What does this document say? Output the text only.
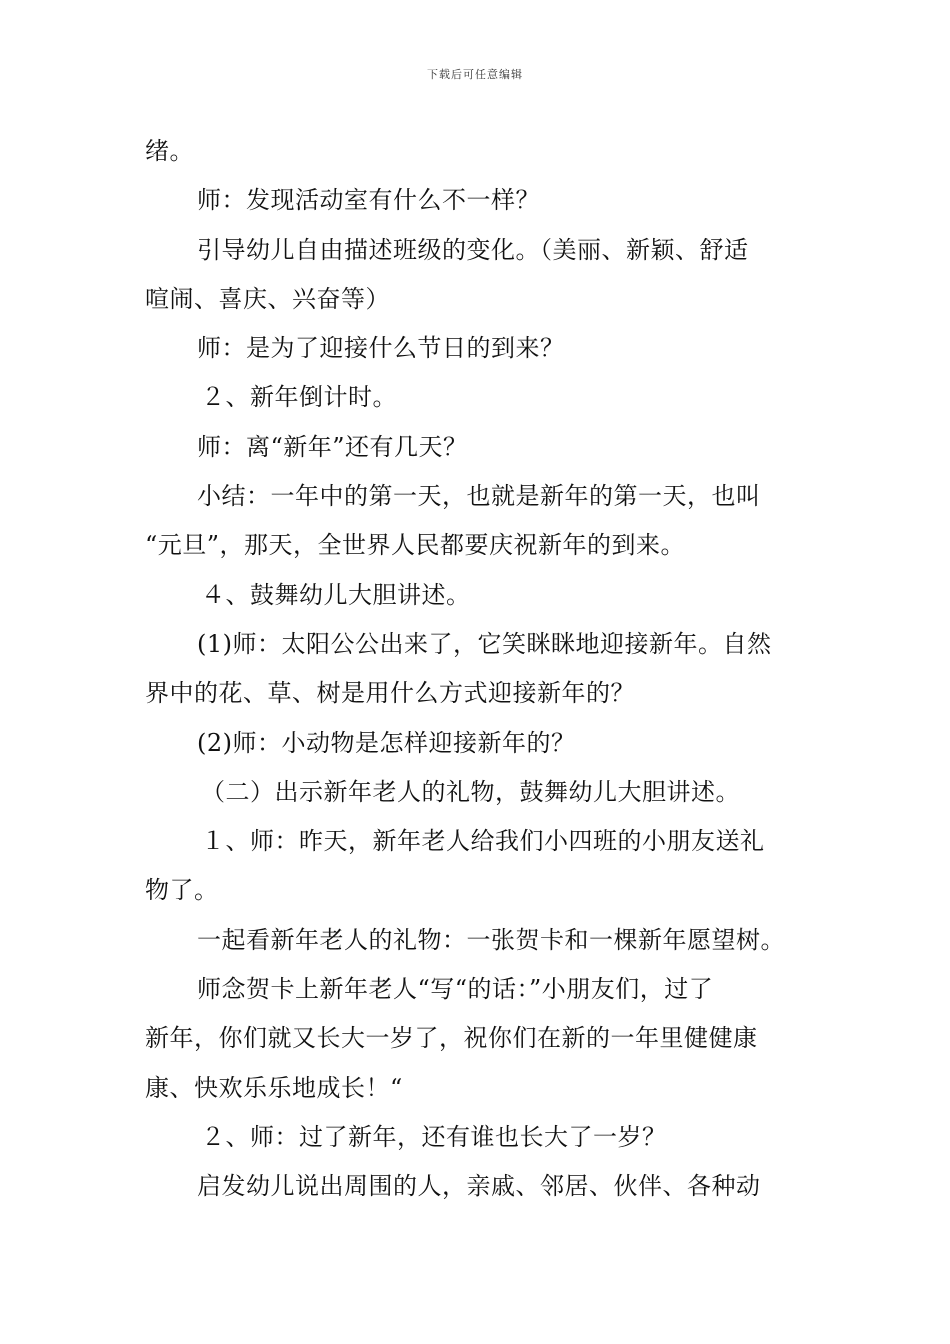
下载后可任意编辑
绪。
师：发现活动室有什么不一样？
引导幼儿自由描述班级的变化。（美丽、新颖、舒适
喧闹、喜庆、兴奋等）
师：是为了迎接什么节日的到来？
２、新年倒计时。
师：离“新年”还有几天？
小结：一年中的第一天，也就是新年的第一天，也叫
“元旦”，那天，全世界人民都要庆祝新年的到来。
４、鼓舞幼儿大胆讲述。
(1)师：太阳公公出来了，它笑眯眯地迎接新年。自然
界中的花、草、树是用什么方式迎接新年的？
(2)师：小动物是怎样迎接新年的？
（二）出示新年老人的礼物，鼓舞幼儿大胆讲述。
１、师：昨天，新年老人给我们小四班的小朋友送礼
物了。
一起看新年老人的礼物：一张贺卡和一棵新年愿望树。
师念贺卡上新年老人“写“的话：”小朋友们，过了
新年，你们就又长大一岁了，祝你们在新的一年里健健康
康、快欢乐乐地成长！“
２、师：过了新年，还有谁也长大了一岁？
启发幼儿说出周围的人，亲戚、邻居、伙伴、各种动
